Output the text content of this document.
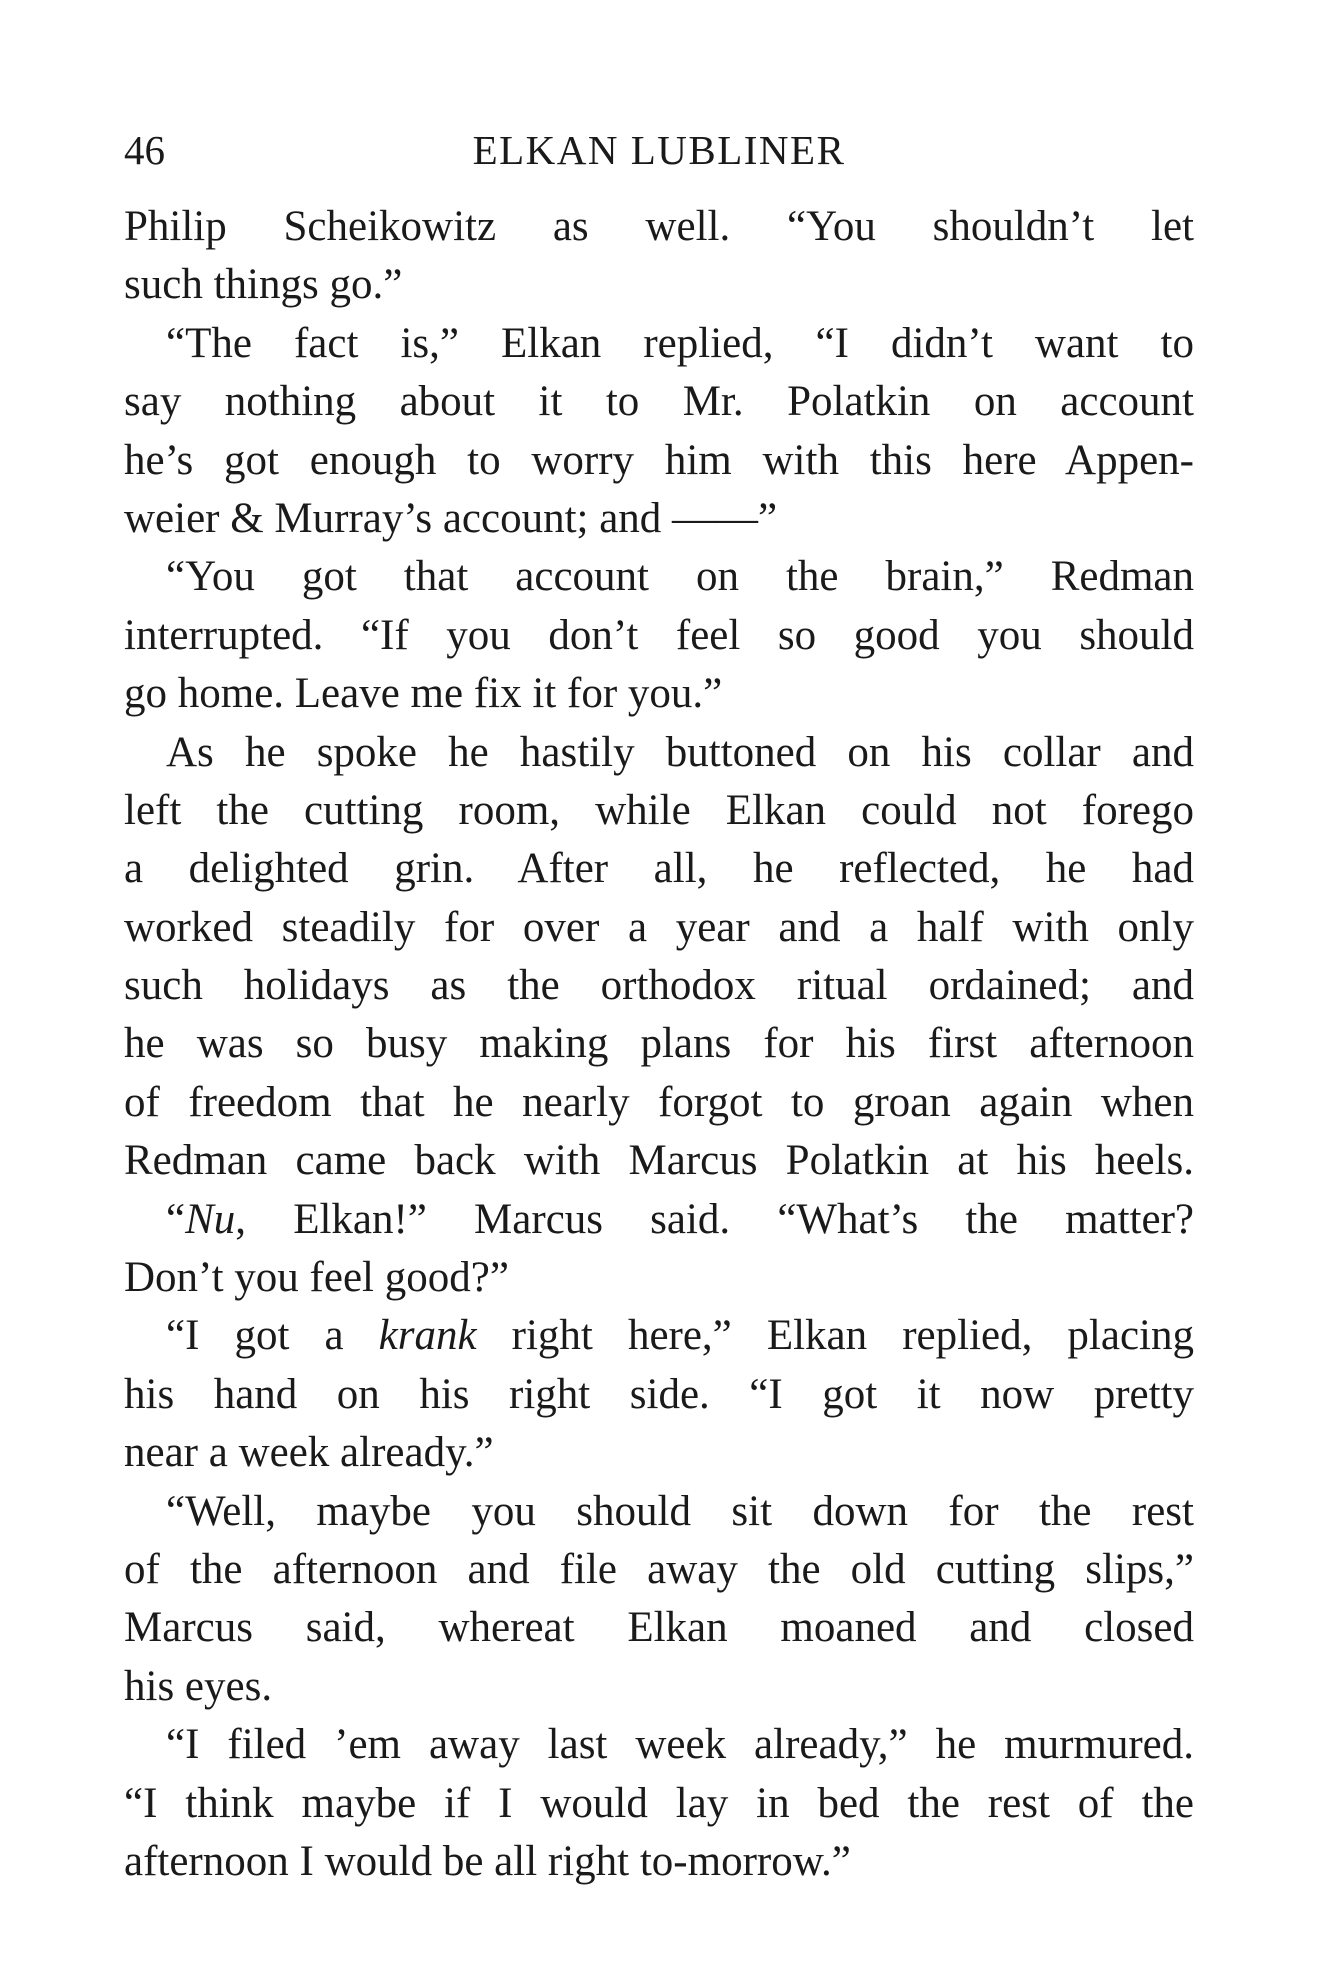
46	ELKAN LUBLINER
Philip Scheikowitz as well. “You shouldn’t let
such things go.”
“The fact is,” Elkan replied, “I didn’t want to
say nothing about it to Mr. Polatkin on account
he’s got enough to worry him with this here Appen-
weier & Murray’s account; and ——”
“You got that account on the brain,” Redman
interrupted. “If you don’t feel so good you should
go home. Leave me fix it for you.”
As he spoke he hastily buttoned on his collar and
left the cutting room, while Elkan could not forego
a delighted grin. After all, he reflected, he had
worked steadily for over a year and a half with only
such holidays as the orthodox ritual ordained; and
he was so busy making plans for his first afternoon
of freedom that he nearly forgot to groan again when
Redman came back with Marcus Polatkin at his heels.
“Nu, Elkan!” Marcus said. “What’s the matter?
Don’t you feel good?”
“I got a krank right here,” Elkan replied, placing
his hand on his right side. “I got it now pretty
near a week already.”
“Well, maybe you should sit down for the rest
of the afternoon and file away the old cutting slips,”
Marcus said, whereat Elkan moaned and closed
his eyes.
“I filed ’em away last week already,” he murmured.
“I think maybe if I would lay in bed the rest of the
afternoon I would be all right to-morrow.”
